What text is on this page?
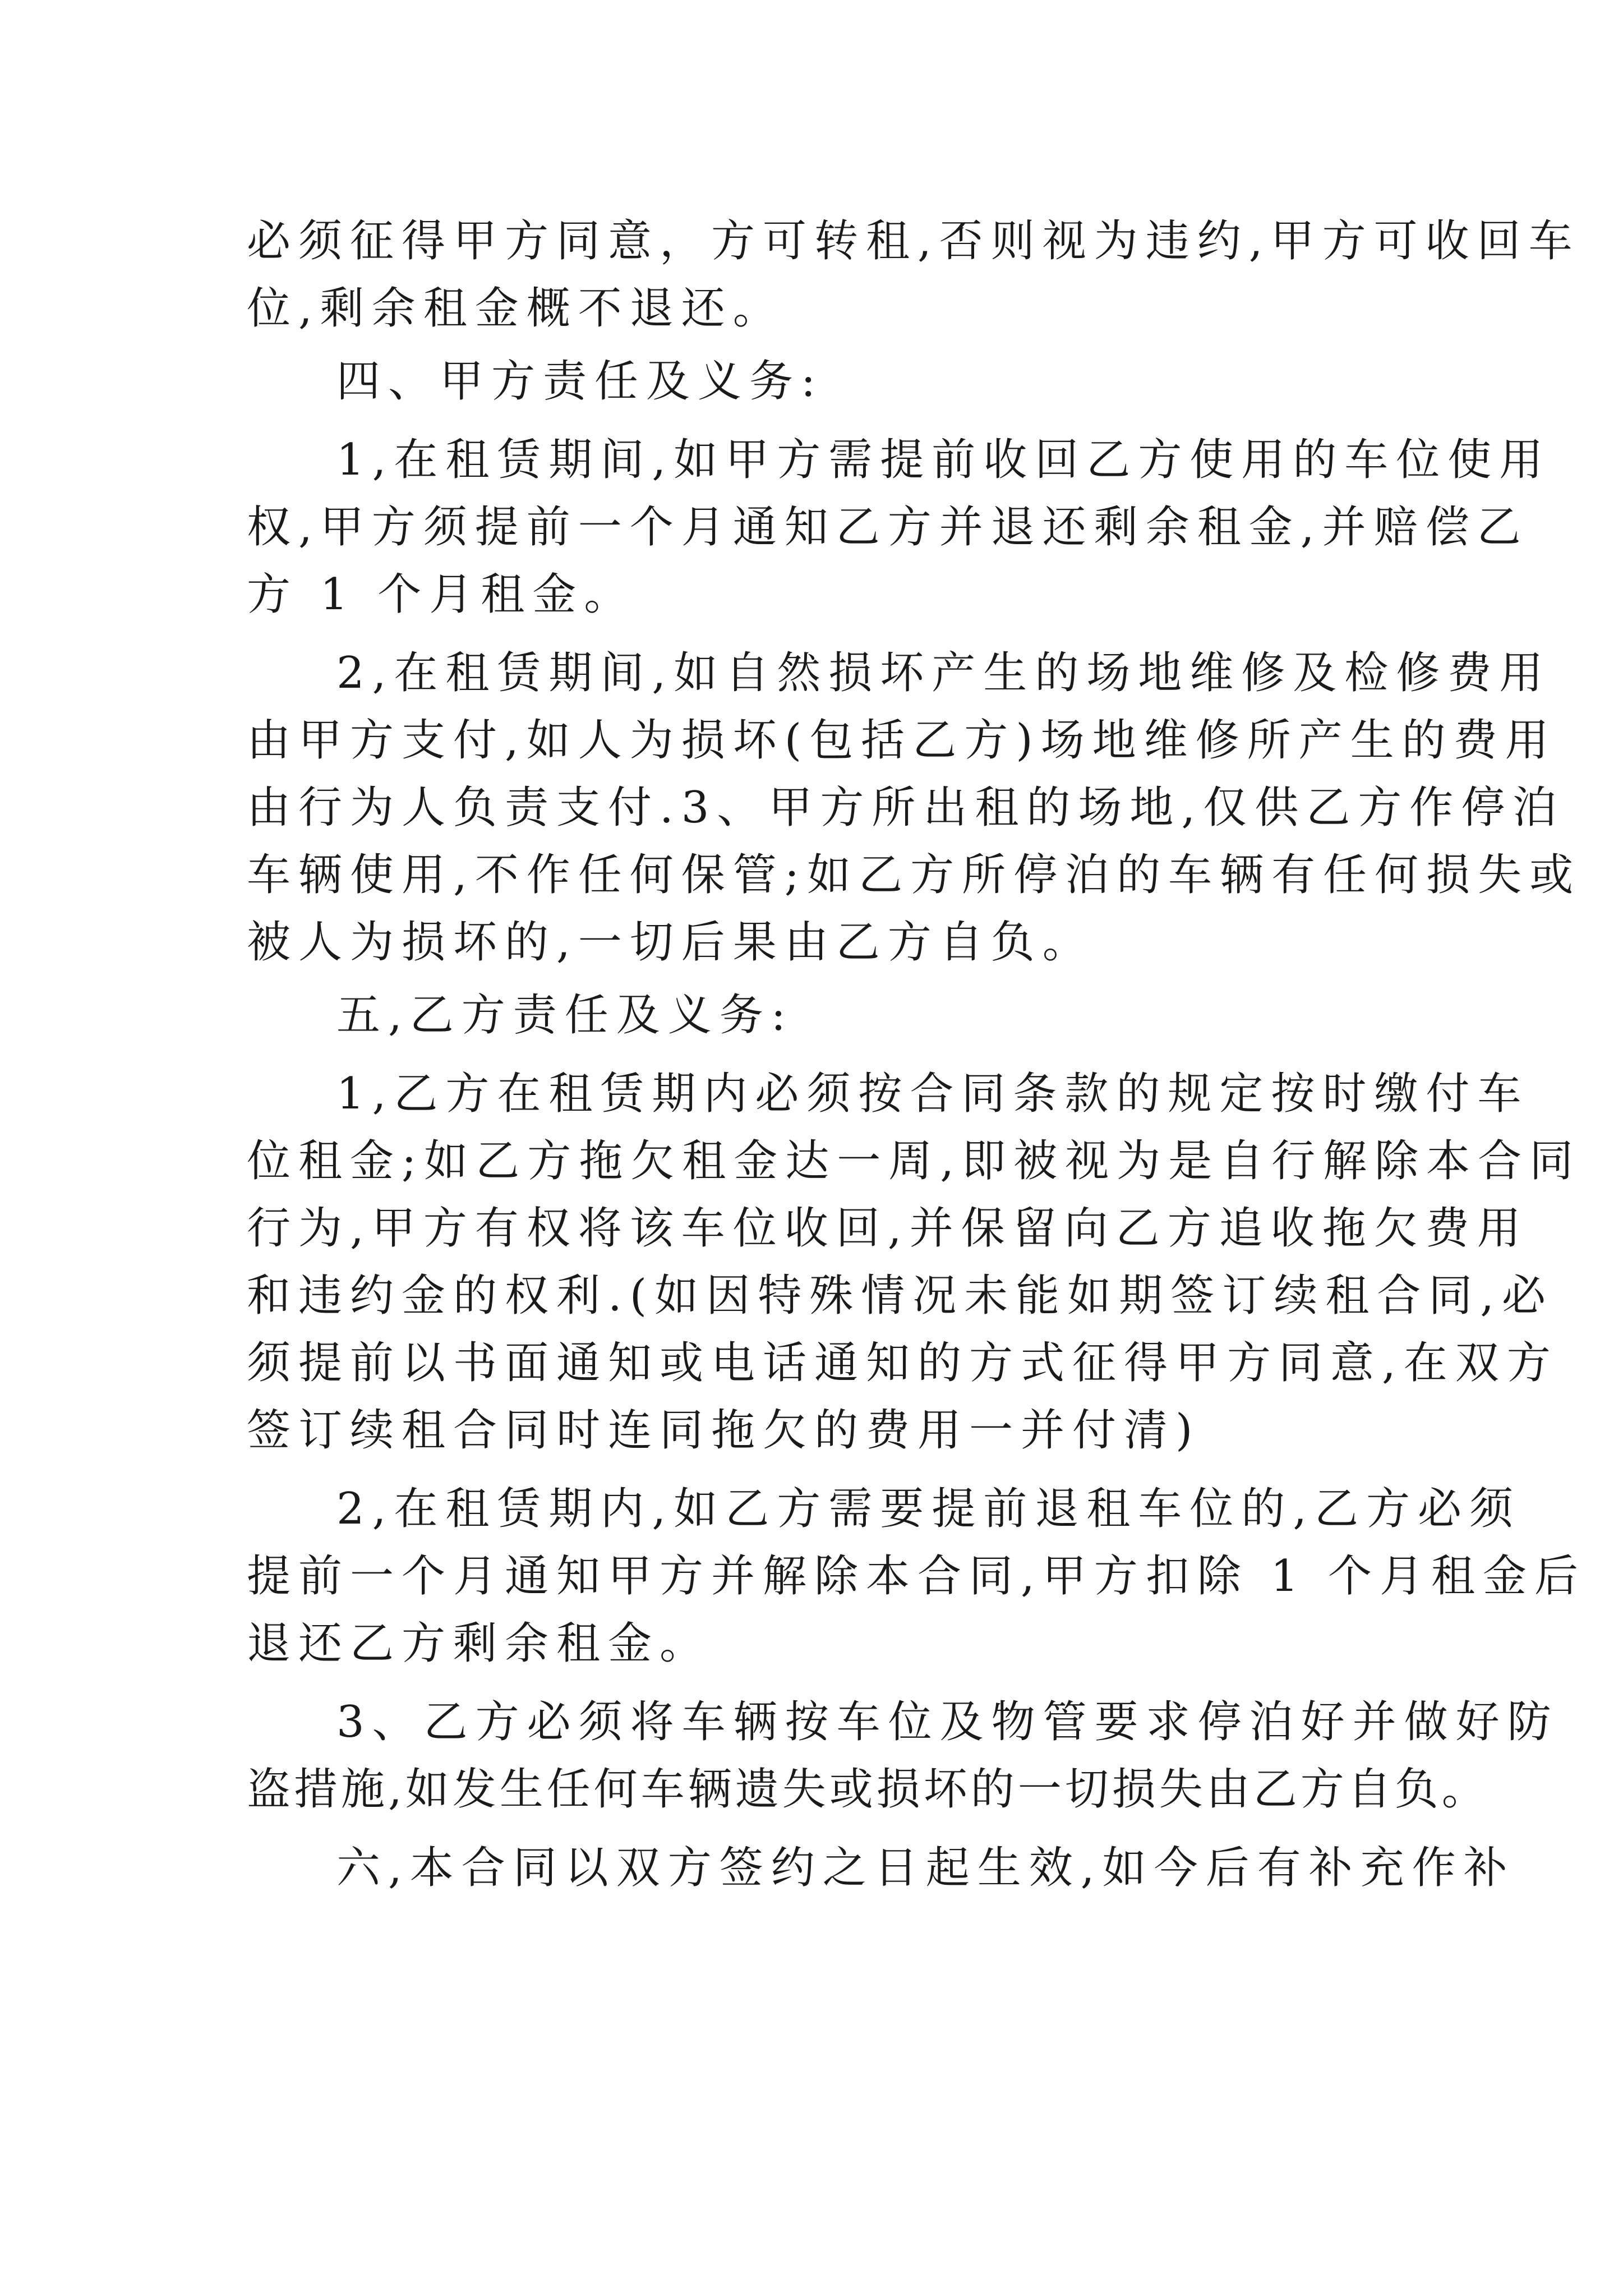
必须征得甲方同意，方可转租,否则视为违约,甲方可收回车
位,剩余租金概不退还。
四、甲方责任及义务:
1,在租赁期间,如甲方需提前收回乙方使用的车位使用
权,甲方须提前一个月通知乙方并退还剩余租金,并赔偿乙
方 1 个月租金。
2,在租赁期间,如自然损坏产生的场地维修及检修费用
由甲方支付,如人为损坏(包括乙方)场地维修所产生的费用
由行为人负责支付.3、甲方所出租的场地,仅供乙方作停泊
车辆使用,不作任何保管;如乙方所停泊的车辆有任何损失或
被人为损坏的,一切后果由乙方自负。
五,乙方责任及义务:
1,乙方在租赁期内必须按合同条款的规定按时缴付车
位租金;如乙方拖欠租金达一周,即被视为是自行解除本合同
行为,甲方有权将该车位收回,并保留向乙方追收拖欠费用
和违约金的权利.(如因特殊情况未能如期签订续租合同,必
须提前以书面通知或电话通知的方式征得甲方同意,在双方
签订续租合同时连同拖欠的费用一并付清)
2,在租赁期内,如乙方需要提前退租车位的,乙方必须
提前一个月通知甲方并解除本合同,甲方扣除 1 个月租金后
退还乙方剩余租金。
3、乙方必须将车辆按车位及物管要求停泊好并做好防
盗措施,如发生任何车辆遗失或损坏的一切损失由乙方自负。
六,本合同以双方签约之日起生效,如今后有补充作补
